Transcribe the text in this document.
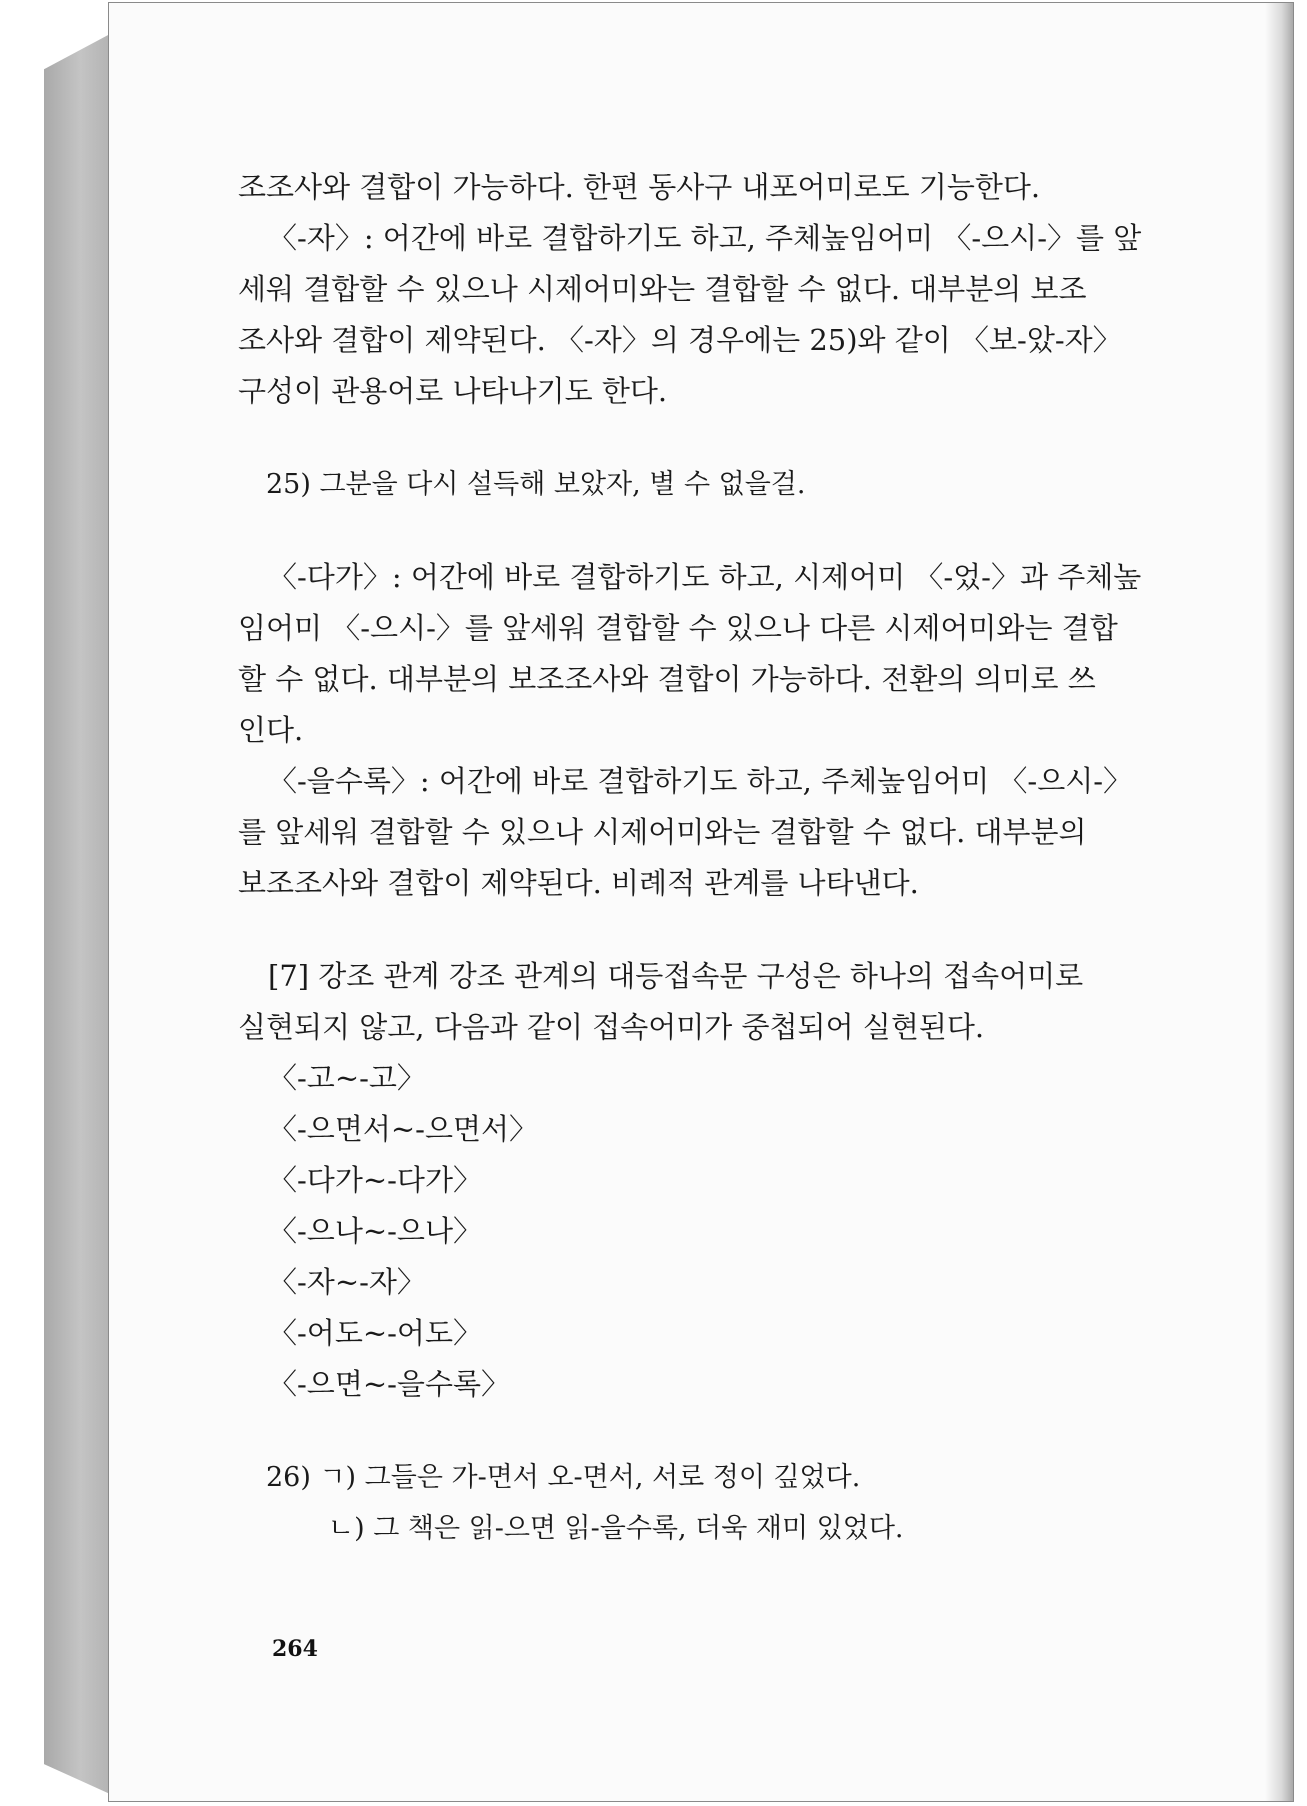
조조사와 결합이 가능하다. 한편 동사구 내포어미로도 기능한다.
〈-자〉: 어간에 바로 결합하기도 하고, 주체높임어미 〈-으시-〉를 앞
세워 결합할 수 있으나 시제어미와는 결합할 수 없다. 대부분의 보조
조사와 결합이 제약된다. 〈-자〉의 경우에는 25)와 같이 〈보-았-자〉
구성이 관용어로 나타나기도 한다.
25) 그분을 다시 설득해 보았자, 별 수 없을걸.
〈-다가〉: 어간에 바로 결합하기도 하고, 시제어미 〈-었-〉과 주체높
임어미 〈-으시-〉를 앞세워 결합할 수 있으나 다른 시제어미와는 결합
할 수 없다. 대부분의 보조조사와 결합이 가능하다. 전환의 의미로 쓰
인다.
〈-을수록〉: 어간에 바로 결합하기도 하고, 주체높임어미 〈-으시-〉
를 앞세워 결합할 수 있으나 시제어미와는 결합할 수 없다. 대부분의
보조조사와 결합이 제약된다. 비례적 관계를 나타낸다.
[7] 강조 관계 강조 관계의 대등접속문 구성은 하나의 접속어미로
실현되지 않고, 다음과 같이 접속어미가 중첩되어 실현된다.
〈-고~-고〉
〈-으면서~-으면서〉
〈-다가~-다가〉
〈-으나~-으나〉
〈-자~-자〉
〈-어도~-어도〉
〈-으면~-을수록〉
26) ㄱ) 그들은 가-면서 오-면서, 서로 정이 깊었다.
ㄴ) 그 책은 읽-으면 읽-을수록, 더욱 재미 있었다.
264
